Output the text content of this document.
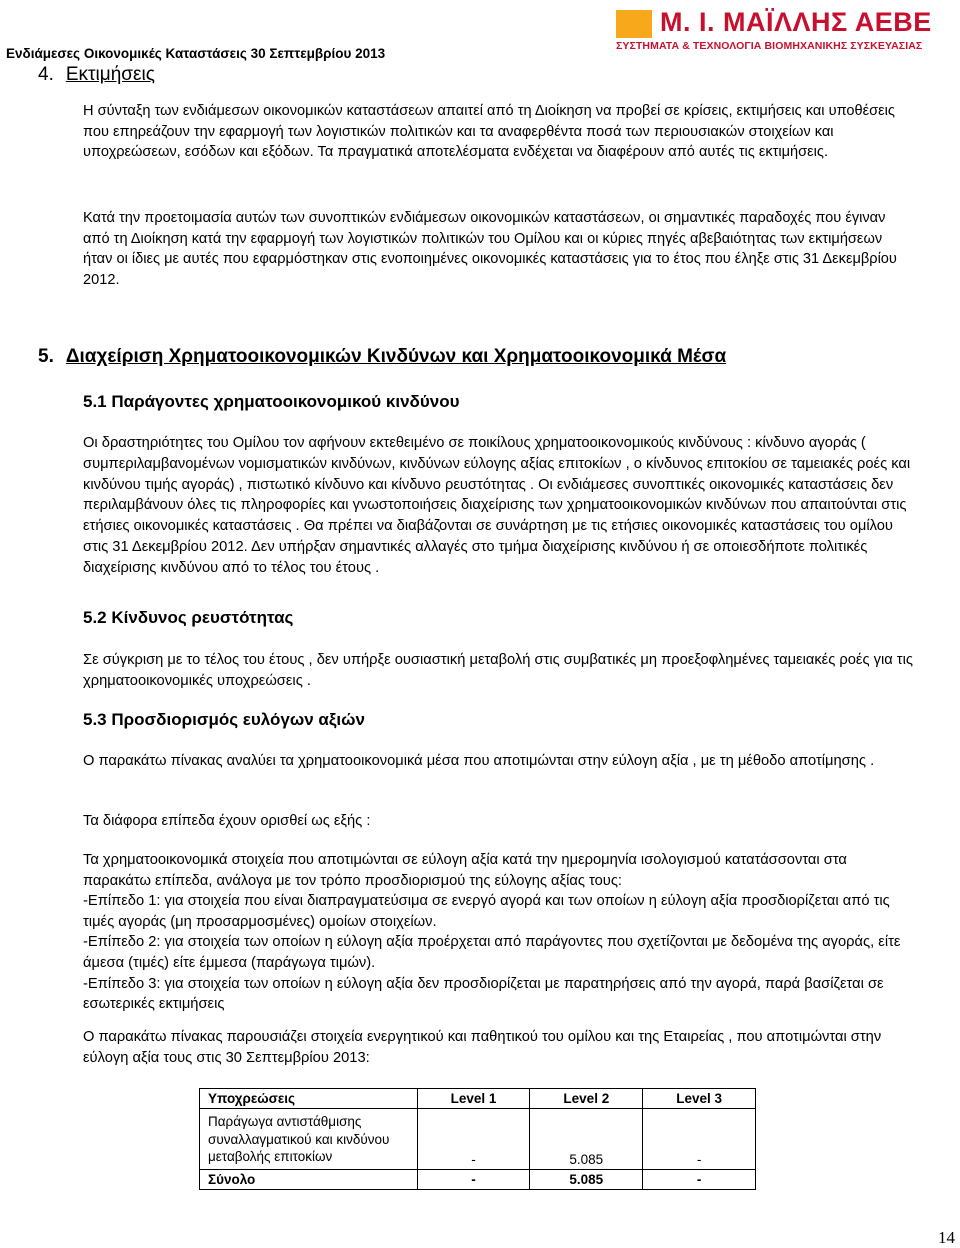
Μ. Ι. ΜΑΪΛΛΗΣ ΑΕΒΕ
ΣΥΣΤΗΜΑΤΑ & ΤΕΧΝΟΛΟΓΙΑ ΒΙΟΜΗΧΑΝΙΚΗΣ ΣΥΣΚΕΥΑΣΙΑΣ
Ενδιάμεσες Οικονομικές Καταστάσεις 30 Σεπτεμβρίου 2013
4. Εκτιμήσεις

Η σύνταξη των ενδιάμεσων οικονομικών καταστάσεων απαιτεί από τη Διοίκηση να προβεί σε κρίσεις, εκτιμήσεις και υποθέσεις που επηρεάζουν την εφαρμογή των λογιστικών πολιτικών και τα αναφερθέντα ποσά των περιουσιακών στοιχείων και υποχρεώσεων, εσόδων και εξόδων. Τα πραγματικά αποτελέσματα ενδέχεται να διαφέρουν από αυτές τις εκτιμήσεις.

Κατά την προετοιμασία αυτών των συνοπτικών ενδιάμεσων οικονομικών καταστάσεων, οι σημαντικές παραδοχές που έγιναν από τη Διοίκηση κατά την εφαρμογή των λογιστικών πολιτικών του Ομίλου και οι κύριες πηγές αβεβαιότητας των εκτιμήσεων ήταν οι ίδιες με αυτές που εφαρμόστηκαν στις ενοποιημένες οικονομικές καταστάσεις για το έτος που έληξε στις 31 Δεκεμβρίου 2012.

5. Διαχείριση Χρηματοοικονομικών Κινδύνων και Χρηματοοικονομικά Μέσα
5.1 Παράγοντες χρηματοοικονομικού κινδύνου

Οι δραστηριότητες του Ομίλου τον αφήνουν εκτεθειμένο σε ποικίλους χρηματοοικονομικούς κινδύνους : κίνδυνο αγοράς ( συμπεριλαμβανομένων νομισματικών κινδύνων, κινδύνων εύλογης αξίας επιτοκίων , ο κίνδυνος επιτοκίου σε ταμειακές ροές και κινδύνου τιμής αγοράς) , πιστωτικό κίνδυνο και κίνδυνο ρευστότητας . Οι ενδιάμεσες συνοπτικές οικονομικές καταστάσεις δεν περιλαμβάνουν όλες τις πληροφορίες και γνωστοποιήσεις διαχείρισης των χρηματοοικονομικών κινδύνων που απαιτούνται στις ετήσιες οικονομικές καταστάσεις . Θα πρέπει να διαβάζονται σε συνάρτηση με τις ετήσιες οικονομικές καταστάσεις του ομίλου στις 31 Δεκεμβρίου 2012. Δεν υπήρξαν σημαντικές αλλαγές στο τμήμα διαχείρισης κινδύνου ή σε οποιεσδήποτε πολιτικές διαχείρισης κινδύνου από το τέλος του έτους .

5.2 Κίνδυνος ρευστότητας

Σε σύγκριση με το τέλος του έτους , δεν υπήρξε ουσιαστική μεταβολή στις συμβατικές μη προεξοφλημένες ταμειακές ροές για τις χρηματοοικονομικές υποχρεώσεις .

5.3 Προσδιορισμός ευλόγων αξιών

Ο παρακάτω πίνακας αναλύει τα χρηματοοικονομικά μέσα που αποτιμώνται στην εύλογη αξία , με τη μέθοδο αποτίμησης .

Τα διάφορα επίπεδα έχουν ορισθεί ως εξής :

Τα χρηματοοικονομικά στοιχεία που αποτιμώνται σε εύλογη αξία κατά την ημερομηνία ισολογισμού κατατάσσονται στα παρακάτω επίπεδα, ανάλογα με τον τρόπο προσδιορισμού της εύλογης αξίας τους:
-Επίπεδο 1: για στοιχεία που είναι διαπραγματεύσιμα σε ενεργό αγορά και των οποίων η εύλογη αξία προσδιορίζεται από τις τιμές αγοράς (μη προσαρμοσμένες) ομοίων στοιχείων.
-Επίπεδο 2: για στοιχεία των οποίων η εύλογη αξία προέρχεται από παράγοντες που σχετίζονται με δεδομένα της αγοράς, είτε άμεσα (τιμές) είτε έμμεσα (παράγωγα τιμών).
-Επίπεδο 3: για στοιχεία των οποίων η εύλογη αξία δεν προσδιορίζεται με παρατηρήσεις από την αγορά, παρά βασίζεται σε εσωτερικές εκτιμήσεις

Ο παρακάτω πίνακας παρουσιάζει στοιχεία ενεργητικού και παθητικού του ομίλου και της Εταιρείας , που αποτιμώνται στην εύλογη αξία τους στις 30 Σεπτεμβρίου 2013:

Υποχρεώσεις	Level 1	Level 2	Level 3
Παράγωγα αντιστάθμισης συναλλαγματικού και κινδύνου μεταβολής επιτοκίων	-	5.085	-
Σύνολο	-	5.085	-
14
